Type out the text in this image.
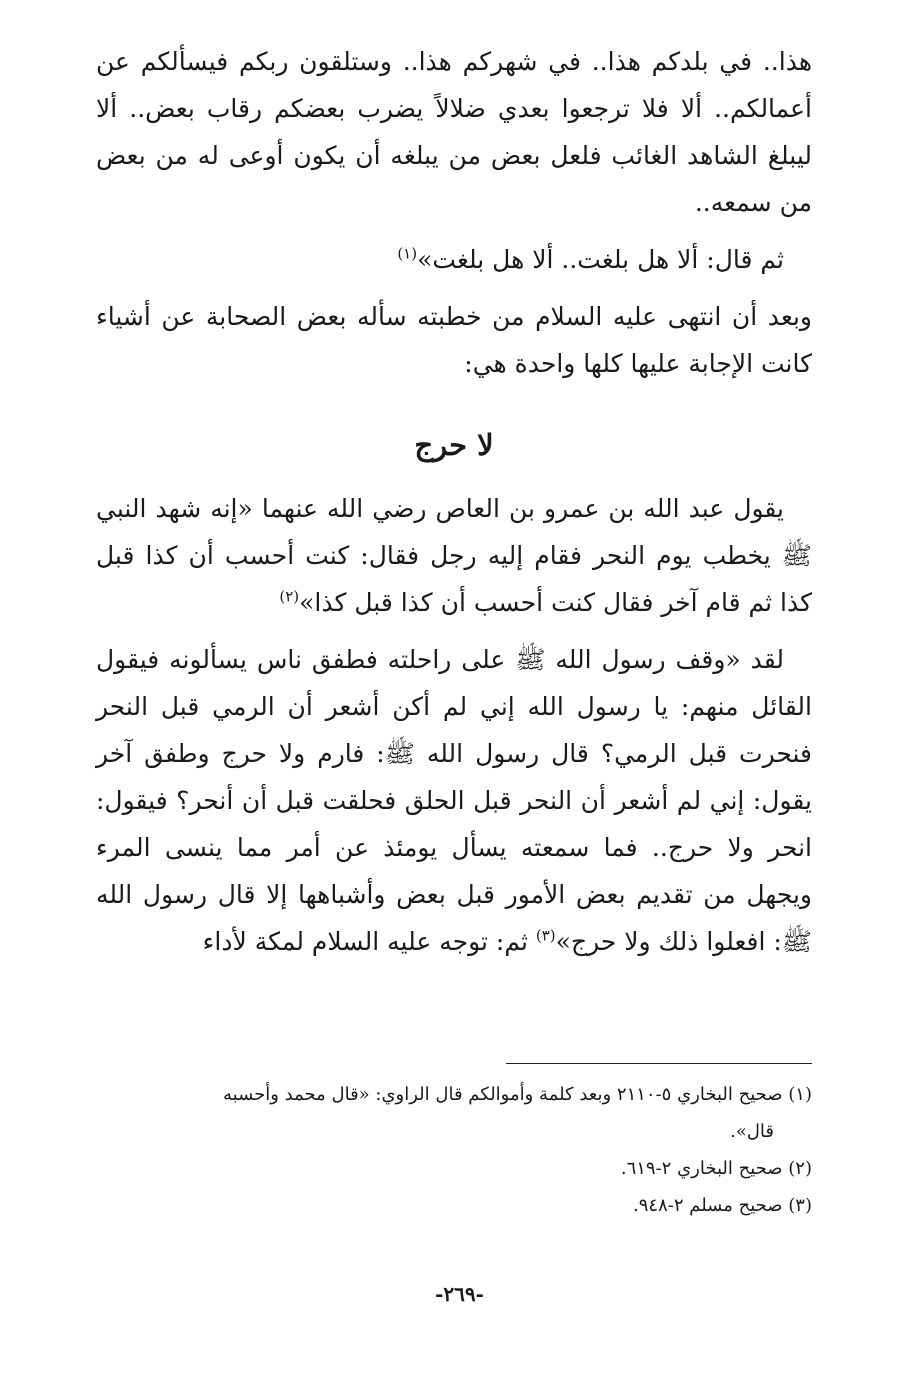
هذا.. في بلدكم هذا.. في شهركم هذا.. وستلقون ربكم فيسألكم عن أعمالكم.. ألا فلا ترجعوا بعدي ضلالاً يضرب بعضكم رقاب بعض.. ألا ليبلغ الشاهد الغائب فلعل بعض من يبلغه أن يكون أوعى له من بعض من سمعه..

ثم قال: ألا هل بلغت.. ألا هل بلغت»$^{(١)}$

وبعد أن انتهى عليه السلام من خطبته سأله بعض الصحابة عن أشياء كانت الإجابة عليها كلها واحدة هي:

لا حرج

يقول عبد الله بن عمرو بن العاص رضي الله عنهما «إنه شهد النبي ﷺ يخطب يوم النحر فقام إليه رجل فقال: كنت أحسب أن كذا قبل كذا ثم قام آخر فقال كنت أحسب أن كذا قبل كذا»$^{(٢)}$

لقد «وقف رسول الله ﷺ على راحلته فطفق ناس يسألونه فيقول القائل منهم: يا رسول الله إني لم أكن أشعر أن الرمي قبل النحر فنحرت قبل الرمي؟ قال رسول الله ﷺ: فارم ولا حرج وطفق آخر يقول: إني لم أشعر أن النحر قبل الحلق فحلقت قبل أن أنحر؟ فيقول: انحر ولا حرج.. فما سمعته يسأل يومئذ عن أمر مما ينسى المرء ويجهل من تقديم بعض الأمور قبل بعض وأشباهها إلا قال رسول الله ﷺ: افعلوا ذلك ولا حرج»$^{(٣)}$ ثم: توجه عليه السلام لمكة لأداء

(١) صحيح البخاري ٥-٢١١٠ وبعد كلمة وأموالكم قال الراوي: «قال محمد وأحسبه
قال».

(٢) صحيح البخاري ٢-٦١٩.

(٣) صحيح مسلم ٢-٩٤٨.

-٢٦٩-
